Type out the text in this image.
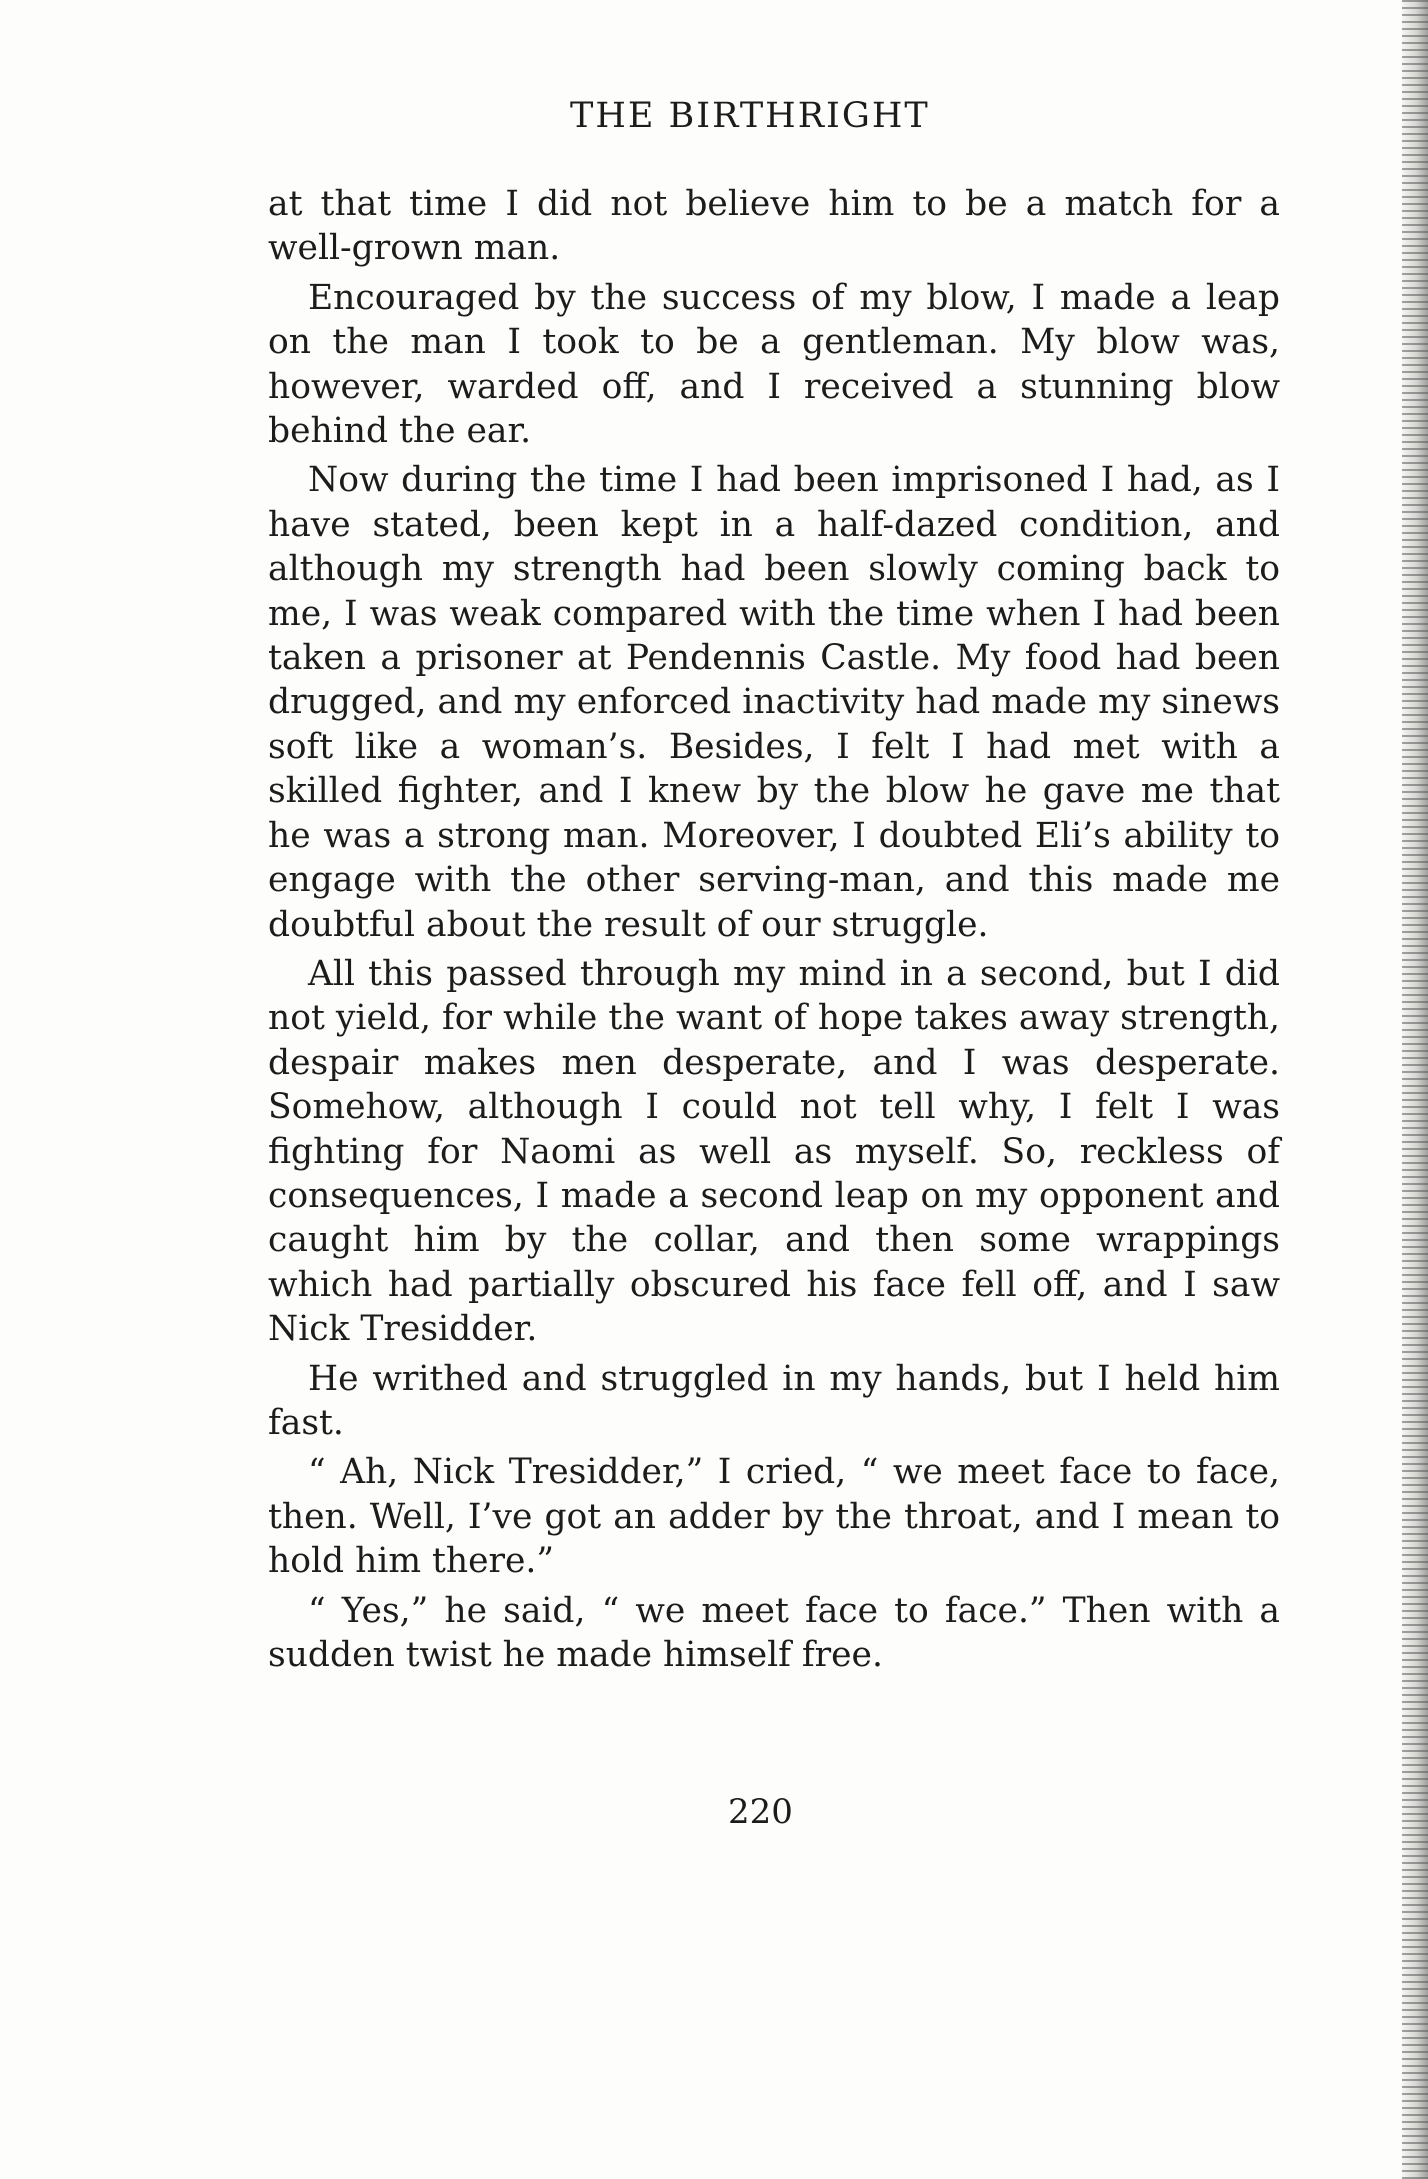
THE BIRTHRIGHT

at that time I did not believe him to be a match for a well-grown man.

Encouraged by the success of my blow, I made a leap on the man I took to be a gentleman. My blow was, however, warded off, and I received a stunning blow behind the ear.

Now during the time I had been imprisoned I had, as I have stated, been kept in a half-dazed condition, and although my strength had been slowly coming back to me, I was weak compared with the time when I had been taken a prisoner at Pendennis Castle. My food had been drugged, and my enforced inactivity had made my sinews soft like a woman’s. Besides, I felt I had met with a skilled fighter, and I knew by the blow he gave me that he was a strong man. Moreover, I doubted Eli’s ability to engage with the other serving-man, and this made me doubtful about the result of our struggle.

All this passed through my mind in a second, but I did not yield, for while the want of hope takes away strength, despair makes men desperate, and I was desperate. Somehow, although I could not tell why, I felt I was fighting for Naomi as well as myself. So, reckless of consequences, I made a second leap on my opponent and caught him by the collar, and then some wrappings which had partially obscured his face fell off, and I saw Nick Tresidder.

He writhed and struggled in my hands, but I held him fast.

“ Ah, Nick Tresidder,” I cried, “ we meet face to face, then. Well, I’ve got an adder by the throat, and I mean to hold him there.”

“ Yes,” he said, “ we meet face to face.” Then with a sudden twist he made himself free.

220
